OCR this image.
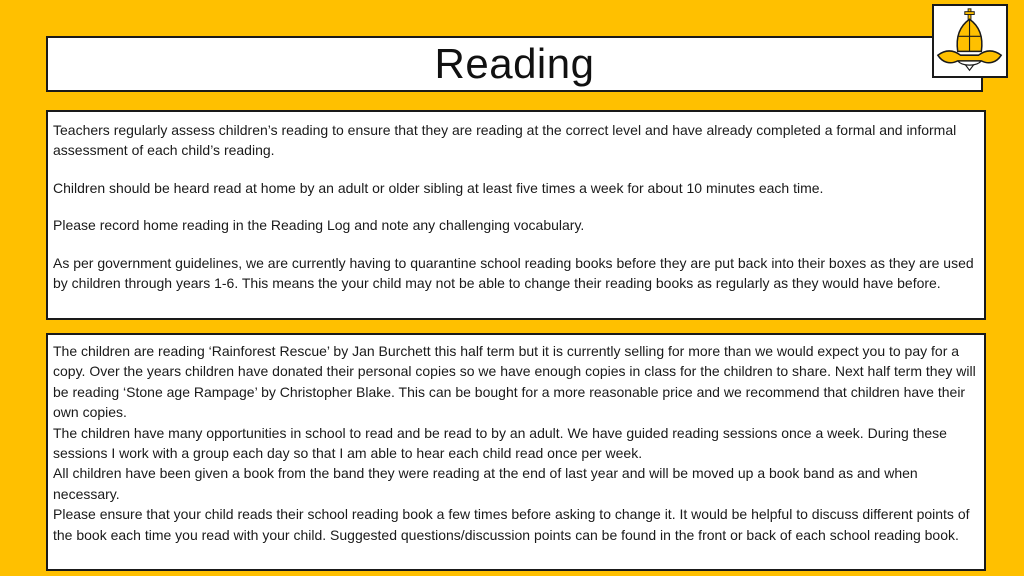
Reading

Teachers regularly assess children’s reading to ensure that they are reading at the correct level and have already completed a formal and informal assessment of each child’s reading.

Children should be heard read at home by an adult or older sibling at least five times a week for about 10 minutes each time.

Please record home reading in the Reading Log and note any challenging vocabulary.

As per government guidelines, we are currently having to quarantine school reading books before they are put back into their boxes as they are used by children through years 1-6. This means the your child may not be able to change their reading books as regularly as they would have before.

The children are reading ‘Rainforest Rescue’ by Jan Burchett this half term but it is currently selling for more than we would expect you to pay for a copy. Over the years children have donated their personal copies so we have enough copies in class for the children to share. Next half term they will be reading ‘Stone age Rampage’ by Christopher Blake. This can be bought for a more reasonable price and we recommend that children have their own copies.

The children have many opportunities in school to read and be read to by an adult. We have guided reading sessions once a week. During these sessions I work with a group each day so that I am able to hear each child read once per week.

All children have been given a book from the band they were reading at the end of last year and will be moved up a book band as and when necessary.

Please ensure that your child reads their school reading book a few times before asking to change it. It would be helpful to discuss different points of the book each time you read with your child. Suggested questions/discussion points can be found in the front or back of each school reading book.
